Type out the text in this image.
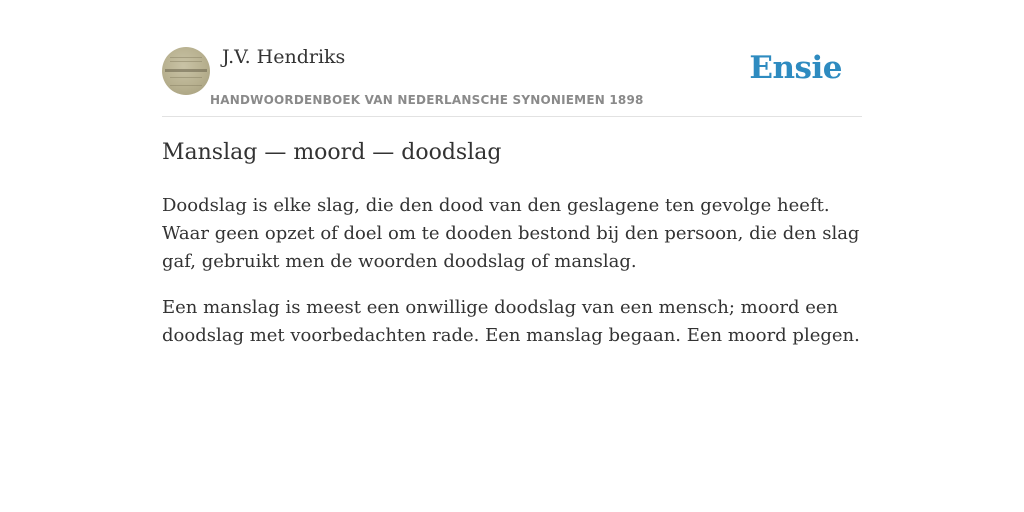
J.V. Hendriks
HANDWOORDENBOEK VAN NEDERLANSCHE SYNONIEMEN 1898
Ensie
Manslag — moord — doodslag

Doodslag is elke slag, die den dood van den geslagene ten gevolge heeft. Waar geen opzet of doel om te dooden bestond bij den persoon, die den slag gaf, gebruikt men de woorden doodslag of manslag.

Een manslag is meest een onwillige doodslag van een mensch; moord een doodslag met voorbedachten rade. Een manslag begaan. Een moord plegen.
